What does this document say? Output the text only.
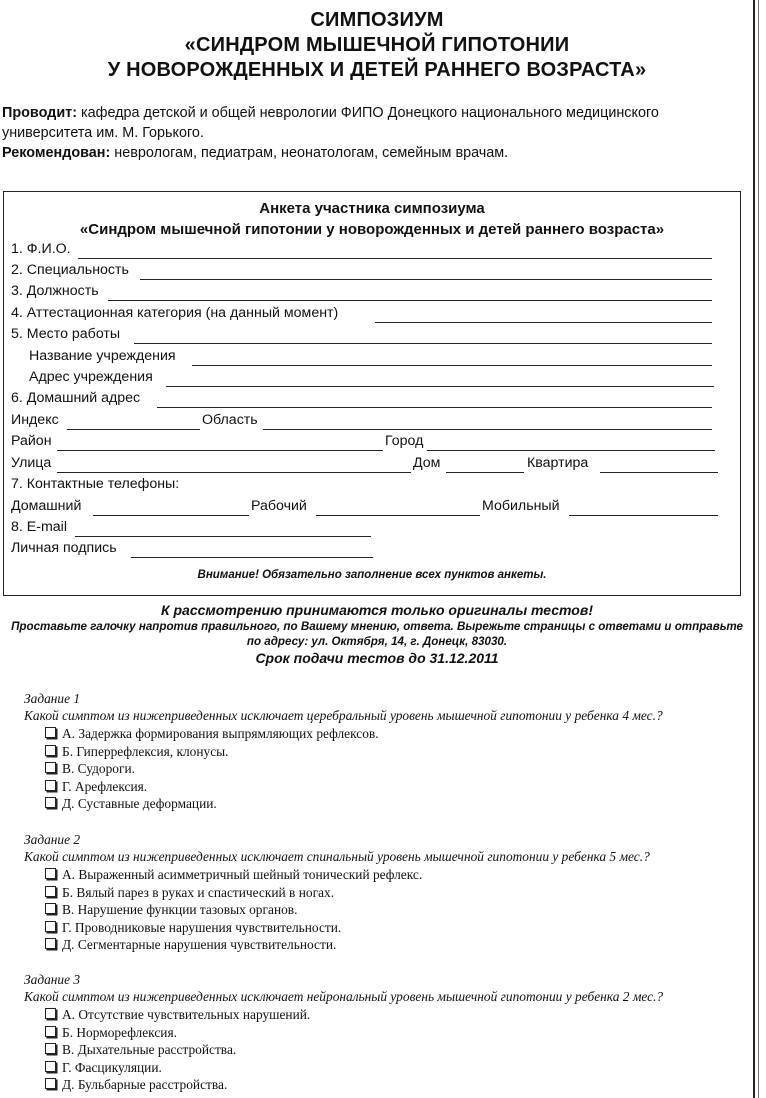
СИМПОЗИУМ
«СИНДРОМ МЫШЕЧНОЙ ГИПОТОНИИ
У НОВОРОЖДЕННЫХ И ДЕТЕЙ РАННЕГО ВОЗРАСТА»
Проводит: кафедра детской и общей неврологии ФИПО Донецкого национального медицинского университета им. М. Горького.
Рекомендован: неврологам, педиатрам, неонатологам, семейным врачам.
Анкета участника симпозиума
«Синдром мышечной гипотонии у новорожденных и детей раннего возраста»
1. Ф.И.О.
2. Специальность
3. Должность
4. Аттестационная категория (на данный момент)
5. Место работы
Название учреждения
Адрес учреждения
6. Домашний адрес
Индекс	Область
Район	Город
Улица	Дом	Квартира
7. Контактные телефоны:
Домашний	Рабочий	Мобильный
8. E-mail
Личная подпись
Внимание! Обязательно заполнение всех пунктов анкеты.
К рассмотрению принимаются только оригиналы тестов!
Проставьте галочку напротив правильного, по Вашему мнению, ответа. Вырежьте страницы с ответами и отправьте
по адресу: ул. Октября, 14, г. Донецк, 83030.
Срок подачи тестов до 31.12.2011
Задание 1
Какой симптом из нижеприведенных исключает церебральный уровень мышечной гипотонии у ребенка 4 мес.?
А. Задержка формирования выпрямляющих рефлексов.
Б. Гиперрефлексия, клонусы.
В. Судороги.
Г. Арефлексия.
Д. Суставные деформации.
Задание 2
Какой симптом из нижеприведенных исключает спинальный уровень мышечной гипотонии у ребенка 5 мес.?
А. Выраженный асимметричный шейный тонический рефлекс.
Б. Вялый парез в руках и спастический в ногах.
В. Нарушение функции тазовых органов.
Г. Проводниковые нарушения чувствительности.
Д. Сегментарные нарушения чувствительности.
Задание 3
Какой симптом из нижеприведенных исключает нейрональный уровень мышечной гипотонии у ребенка 2 мес.?
А. Отсутствие чувствительных нарушений.
Б. Норморефлексия.
В. Дыхательные расстройства.
Г. Фасцикуляции.
Д. Бульбарные расстройства.
